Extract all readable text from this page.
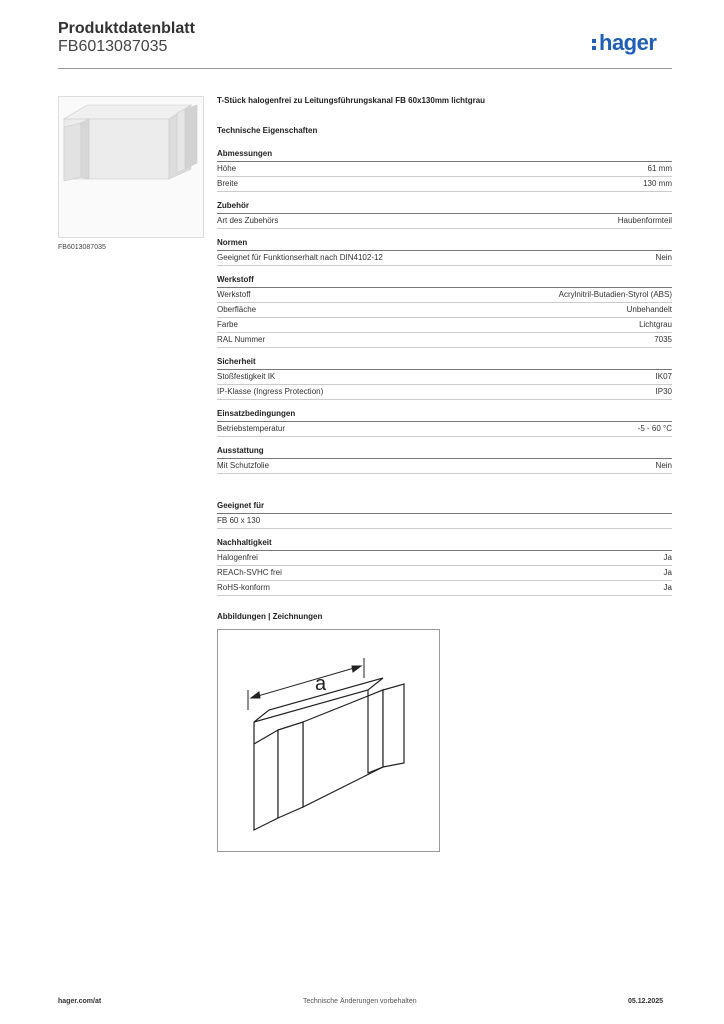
Produktdatenblatt
FB6013087035	hager
FB6013087035
T-Stück halogenfrei zu Leitungsführungskanal FB 60x130mm lichtgrau
Technische Eigenschaften
Abmessungen
Höhe	61 mm
Breite	130 mm
Zubehör
Art des Zubehörs	Haubenformteil
Normen
Geeignet für Funktionserhalt nach DIN4102-12	Nein
Werkstoff
Werkstoff	Acrylnitril-Butadien-Styrol (ABS)
Oberfläche	Unbehandelt
Farbe	Lichtgrau
RAL Nummer	7035
Sicherheit
Stoßfestigkeit IK	IK07
IP-Klasse (Ingress Protection)	IP30
Einsatzbedingungen
Betriebstemperatur	-5 - 60 °C
Ausstattung
Mit Schutzfolie	Nein
Geeignet für
FB 60 x 130
Nachhaltigkeit
Halogenfrei	Ja
REACh-SVHC frei	Ja
RoHS-konform	Ja
Abbildungen | Zeichnungen
a
hager.com/at	Technische Änderungen vorbehalten	05.12.2025
